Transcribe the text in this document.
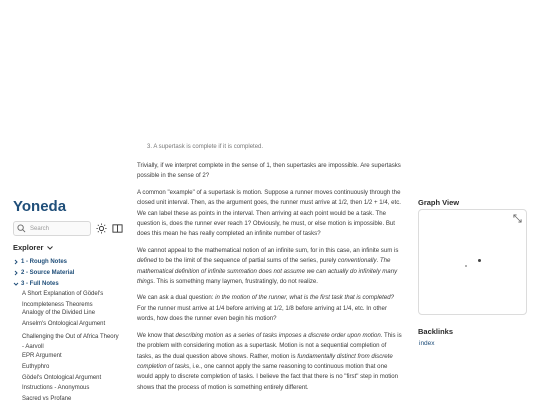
Yoneda
Search
Explorer
1 - Rough Notes
2 - Source Material
3 - Full Notes
A Short Explanation of Gödel's Incompleteness Theorems
Analogy of the Divided Line
Anselm's Ontological Argument
Challenging the Out of Africa Theory - Aarvoll
EPR Argument
Euthyphro
Gödel's Ontological Argument
Instructions - Anonymous
Sacred vs Profane

3. A supertask is complete if it is completed.

Trivially, if we interpret complete in the sense of 1, then supertasks are impossible. Are supertasks possible in the sense of 2?

A common "example" of a supertask is motion. Suppose a runner moves continuously through the closed unit interval. Then, as the argument goes, the runner must arrive at 1/2, then 1/2 + 1/4, etc. We can label these as points in the interval. Then arriving at each point would be a task. The question is, does the runner ever reach 1? Obviously, he must, or else motion is impossible. But does this mean he has really completed an infinite number of tasks?

We cannot appeal to the mathematical notion of an infinite sum, for in this case, an infinite sum is defined to be the limit of the sequence of partial sums of the series, purely conventionally. The mathematical definition of infinite summation does not assume we can actually do infinitely many things. This is something many laymen, frustratingly, do not realize.

We can ask a dual question: in the motion of the runner, what is the first task that is completed? For the runner must arrive at 1/4 before arriving at 1/2, 1/8 before arriving at 1/4, etc. In other words, how does the runner even begin his motion?

We know that describing motion as a series of tasks imposes a discrete order upon motion. This is the problem with considering motion as a supertask. Motion is not a sequential completion of tasks, as the dual question above shows. Rather, motion is fundamentally distinct from discrete completion of tasks, i.e., one cannot apply the same reasoning to continuous motion that one would apply to discrete completion of tasks. I believe the fact that there is no "first" step in motion shows that the process of motion is something entirely different.

Graph View
Backlinks
index
